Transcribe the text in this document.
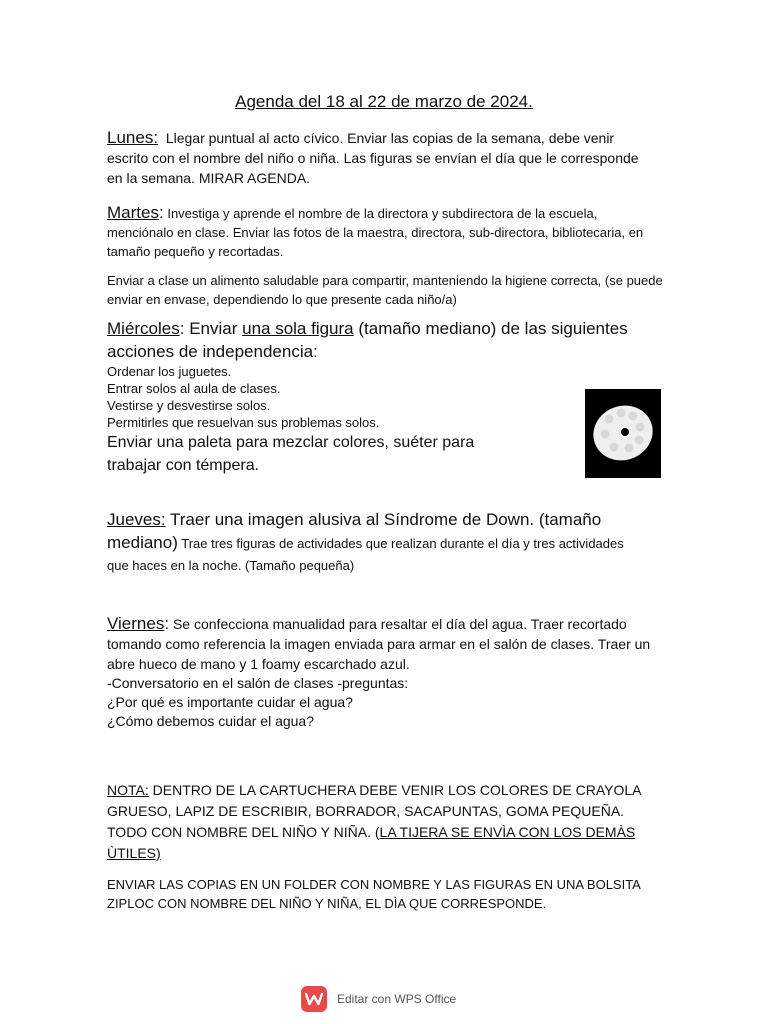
Agenda del 18 al 22 de marzo de 2024.

Lunes: Llegar puntual al acto cívico. Enviar las copias de la semana, debe venir escrito con el nombre del niño o niña. Las figuras se envían el día que le corresponde en la semana. MIRAR AGENDA.

Martes: Investiga y aprende el nombre de la directora y subdirectora de la escuela, menciónalo en clase. Enviar las fotos de la maestra, directora, sub-directora, bibliotecaria, en tamaño pequeño y recortadas.

Enviar a clase un alimento saludable para compartir, manteniendo la higiene correcta, (se puede enviar en envase, dependiendo lo que presente cada niño/a)

Miércoles: Enviar una sola figura (tamaño mediano) de las siguientes acciones de independencia:

Ordenar los juguetes.
Entrar solos al aula de clases.
Vestirse y desvestirse solos.
Permitirles que resuelvan sus problemas solos.

Enviar una paleta para mezclar colores, suéter para trabajar con témpera.

Jueves: Traer una imagen alusiva al Síndrome de Down. (tamaño mediano) Trae tres figuras de actividades que realizan durante el día y tres actividades que haces en la noche. (Tamaño pequeña)

Viernes: Se confecciona manualidad para resaltar el día del agua. Traer recortado tomando como referencia la imagen enviada para armar en el salón de clases. Traer un abre hueco de mano y 1 foamy escarchado azul.

-Conversatorio en el salón de clases -preguntas:
¿Por qué es importante cuidar el agua?
¿Cómo debemos cuidar el agua?

NOTA: DENTRO DE LA CARTUCHERA DEBE VENIR LOS COLORES DE CRAYOLA GRUESO, LAPIZ DE ESCRIBIR, BORRADOR, SACAPUNTAS, GOMA PEQUEÑA. TODO CON NOMBRE DEL NIÑO Y NIÑA. (LA TIJERA SE ENVÌA CON LOS DEMÀS ÙTILES)

ENVIAR LAS COPIAS EN UN FOLDER CON NOMBRE Y LAS FIGURAS EN UNA BOLSITA ZIPLOC CON NOMBRE DEL NIÑO Y NIÑA, EL DÌA QUE CORRESPONDE.

Editar con WPS Office
